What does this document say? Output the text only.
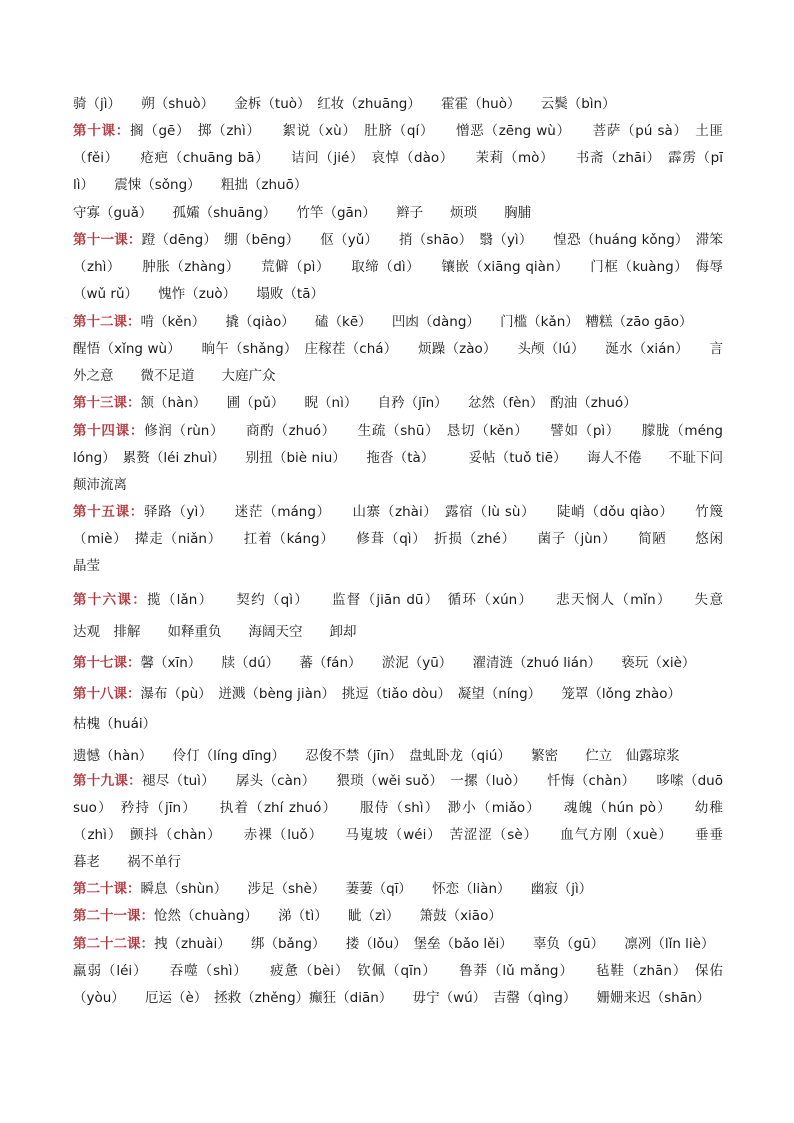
骑（jì）　　朔（shuò）　　金柝（tuò）　红妆（zhuāng）　　霍霍（huò）　　云鬓（bìn）
第十课：搁（gē）　掷（zhì）　　絮说（xù）　肚脐（qí）　　憎恶（zēng wù）　　菩萨（pú sà）　土匪
（fěi）　　疮疤（chuāng bā）　　诘问（jié）　哀悼（dào）　　茉莉（mò）　　书斋（zhāi）　霹雳（pī
lì）　　震悚（sǒng）　　粗拙（zhuō）
守寡（guǎ）　　孤孀（shuāng）　　竹竿（gān）　　辫子　　烦琐　　胸脯
第十一课：蹬（dēng）　绷（bēng）　　伛（yǔ）　　捎（shāo）　翳（yì）　　惶恐（huáng kǒng）　滞笨
（zhì）　　肿胀（zhàng）　　荒僻（pì）　　取缔（dì）　　镶嵌（xiāng qiàn）　　门框（kuàng）　侮辱
（wǔ rǔ）　　愧怍（zuò）　　塌败（tā）
第十二课：啃（kěn）　　撬（qiào）　　磕（kē）　　凹凼（dàng）　　门槛（kǎn）　糟糕（zāo gāo）
醒悟（xǐng wù）　　晌午（shǎng）　庄稼茬（chá）　　烦躁（zào）　　头颅（lú）　　涎水（xián）　　言
外之意　　微不足道　　大庭广众
第十三课：颔（hàn）　　圃（pǔ）　　睨（nì）　　自矜（jīn）　　忿然（fèn）　酌油（zhuó）
第十四课：修润（rùn）　　商酌（zhuó）　　生疏（shū）　恳切（kěn）　　譬如（pì）　　朦胧（méng
lóng）　累赘（léi zhuì）　　别扭（biè niu）　　拖沓（tà）　　　妥帖（tuǒ tiē）　　诲人不倦　　不耻下问
颠沛流离
第十五课：驿路（yì）　　迷茫（máng）　　山寨（zhài）　露宿（lù sù）　　陡峭（dǒu qiào）　　竹篾
（miè）　撵走（niǎn）　　扛着（káng）　　修葺（qì）　折损（zhé）　　菌子（jùn）　　简陋　　悠闲
晶莹
第十六课：揽（lǎn）　　契约（qì）　　监督（jiān dū）　循环（xún）　　悲天悯人（mǐn）　　失意
达观　排解　　如释重负　　海阔天空　　卸却
第十七课：馨（xīn）　　牍（dú）　　蕃（fán）　　淤泥（yū）　　濯清涟（zhuó lián）　　亵玩（xiè）
第十八课：瀑布（pù）　迸溅（bèng jiàn）　挑逗（tiǎo dòu）　凝望（níng）　　笼罩（lǒng zhào）
枯槐（huái）
遗憾（hàn）　　伶仃（líng dīng）　　忍俊不禁（jīn）　盘虬卧龙（qiú）　　繁密　　伫立　仙露琼浆
第十九课：褪尽（tuì）　　孱头（càn）　　猥琐（wěi suǒ）　一摞（luò）　　忏悔（chàn）　　哆嗦（duō
suo）　矜持（jīn）　　执着（zhí zhuó）　　服侍（shì）　渺小（miǎo）　　魂魄（hún pò）　　幼稚
（zhì）　颤抖（chàn）　　赤裸（luǒ）　　马嵬坡（wéi）　苦涩涩（sè）　　血气方刚（xuè）　　垂垂
暮老　　祸不单行
第二十课：瞬息（shùn）　　涉足（shè）　　萋萋（qī）　　怀恋（liàn）　　幽寂（jì）
第二十一课：怆然（chuàng）　　涕（tì）　　眦（zì）　　箫鼓（xiāo）
第二十二课：拽（zhuài）　　绑（bǎng）　　搂（lǒu）　堡垒（bǎo lěi）　　辜负（gū）　　凛冽（lǐn liè）
羸弱（léi）　　吞噬（shì）　　疲惫（bèi）　钦佩（qīn）　　鲁莽（lǔ mǎng）　　毡鞋（zhān）　保佑
（yòu）　　厄运（è）　拯救（zhěng）癫狂（diān）　　毋宁（wú）　吉罄（qìng）　　姗姗来迟（shān）
